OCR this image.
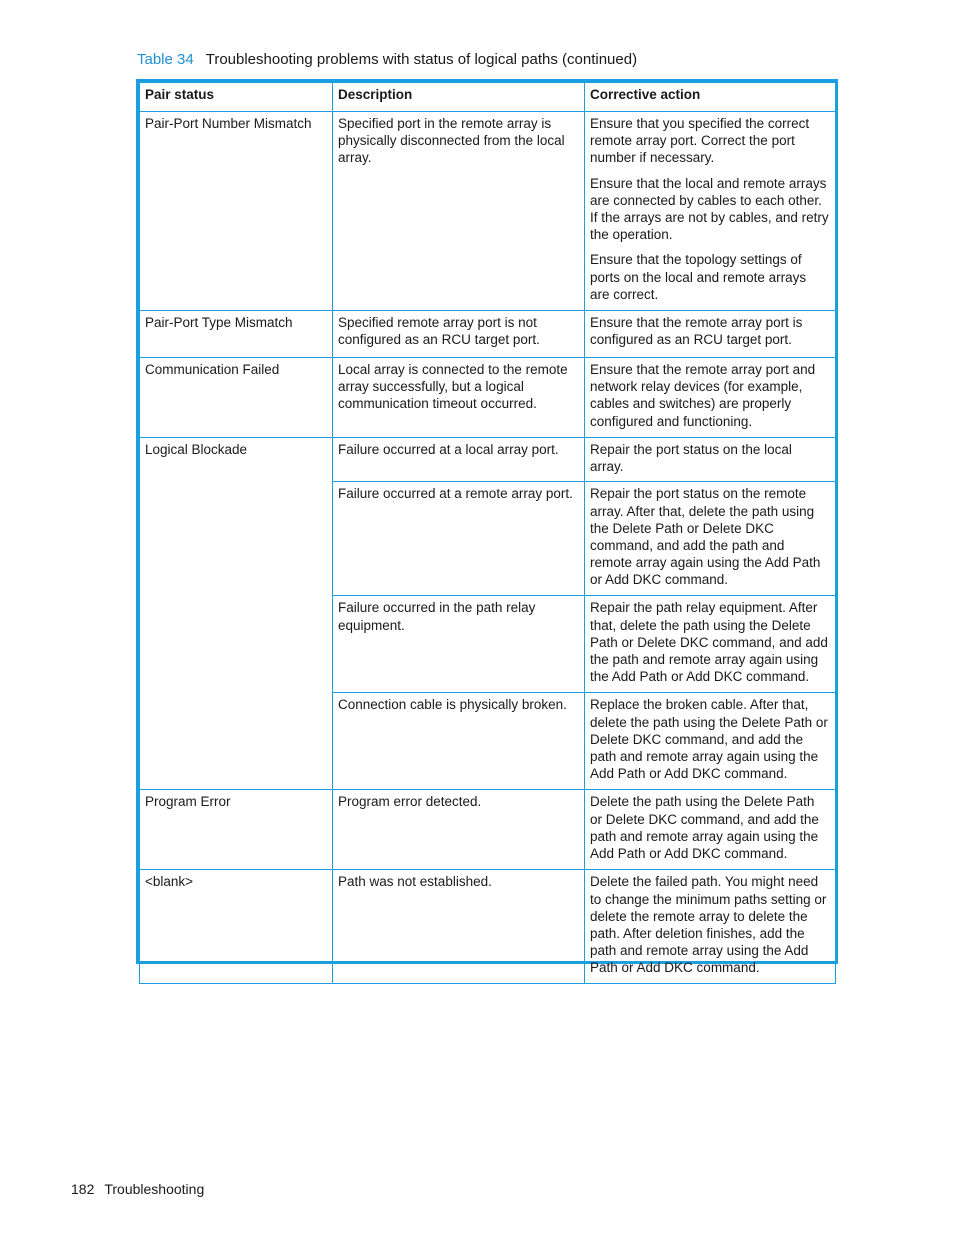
Table 34 Troubleshooting problems with status of logical paths (continued)
Pair status	Description	Corrective action
Pair-Port Number Mismatch	Specified port in the remote array is physically disconnected from the local array.	Ensure that you specified the correct remote array port. Correct the port number if necessary.
Ensure that the local and remote arrays are connected by cables to each other. If the arrays are not by cables, and retry the operation.
Ensure that the topology settings of ports on the local and remote arrays are correct.

Pair-Port Type Mismatch	Specified remote array port is not configured as an RCU target port.	Ensure that the remote array port is configured as an RCU target port.
Communication Failed	Local array is connected to the remote array successfully, but a logical communication timeout occurred.	Ensure that the remote array port and network relay devices (for example, cables and switches) are properly configured and functioning.
Logical Blockade	Failure occurred at a local array port.	Repair the port status on the local array.
	Failure occurred at a remote array port.	Repair the port status on the remote array. After that, delete the path using the Delete Path or Delete DKC command, and add the path and remote array again using the Add Path or Add DKC command.
	Failure occurred in the path relay equipment.	Repair the path relay equipment. After that, delete the path using the Delete Path or Delete DKC command, and add the path and remote array again using the Add Path or Add DKC command.
	Connection cable is physically broken.	Replace the broken cable. After that, delete the path using the Delete Path or Delete DKC command, and add the path and remote array again using the Add Path or Add DKC command.
Program Error	Program error detected.	Delete the path using the Delete Path or Delete DKC command, and add the path and remote array again using the Add Path or Add DKC command.
<blank>	Path was not established.	Delete the failed path. You might need to change the minimum paths setting or delete the remote array to delete the path. After deletion finishes, add the path and remote array using the Add Path or Add DKC command.
182 Troubleshooting
